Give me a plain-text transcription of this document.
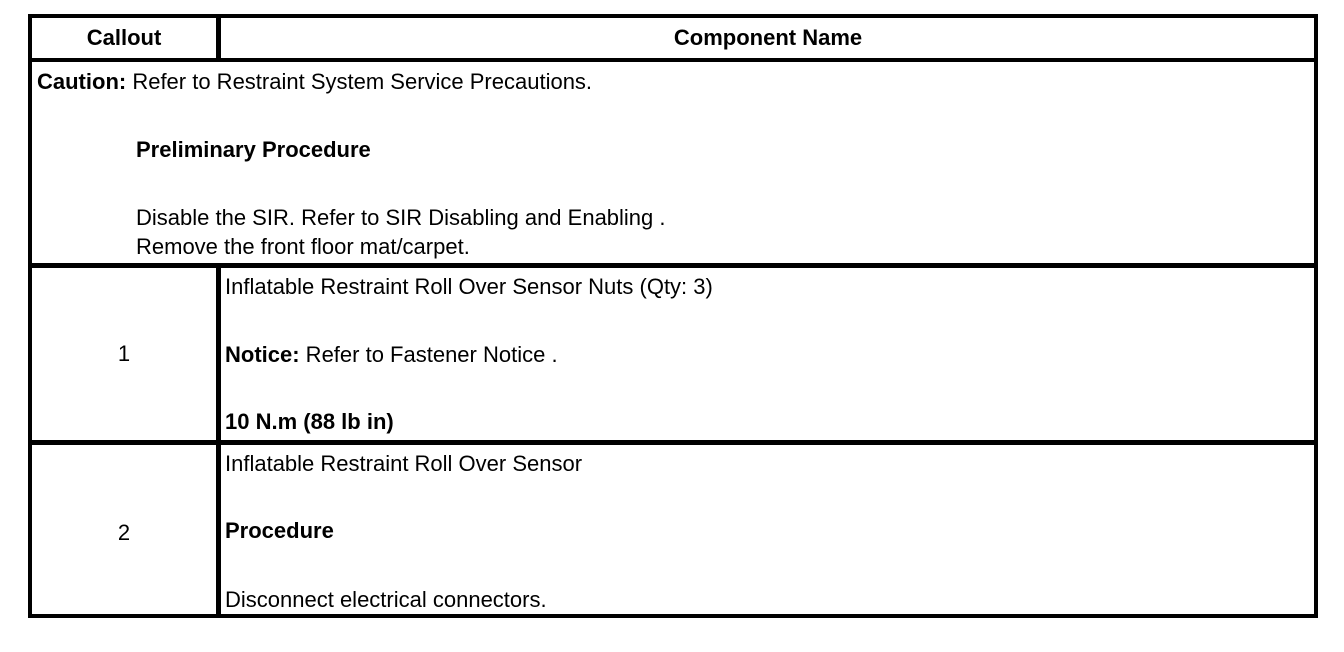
Callout	Component Name
Caution: Refer to Restraint System Service Precautions.
Preliminary Procedure
Disable the SIR. Refer to SIR Disabling and Enabling .
Remove the front floor mat/carpet.
1
Inflatable Restraint Roll Over Sensor Nuts (Qty: 3)
Notice: Refer to Fastener Notice .
10 N.m (88 lb in)
2
Inflatable Restraint Roll Over Sensor
Procedure
Disconnect electrical connectors.
